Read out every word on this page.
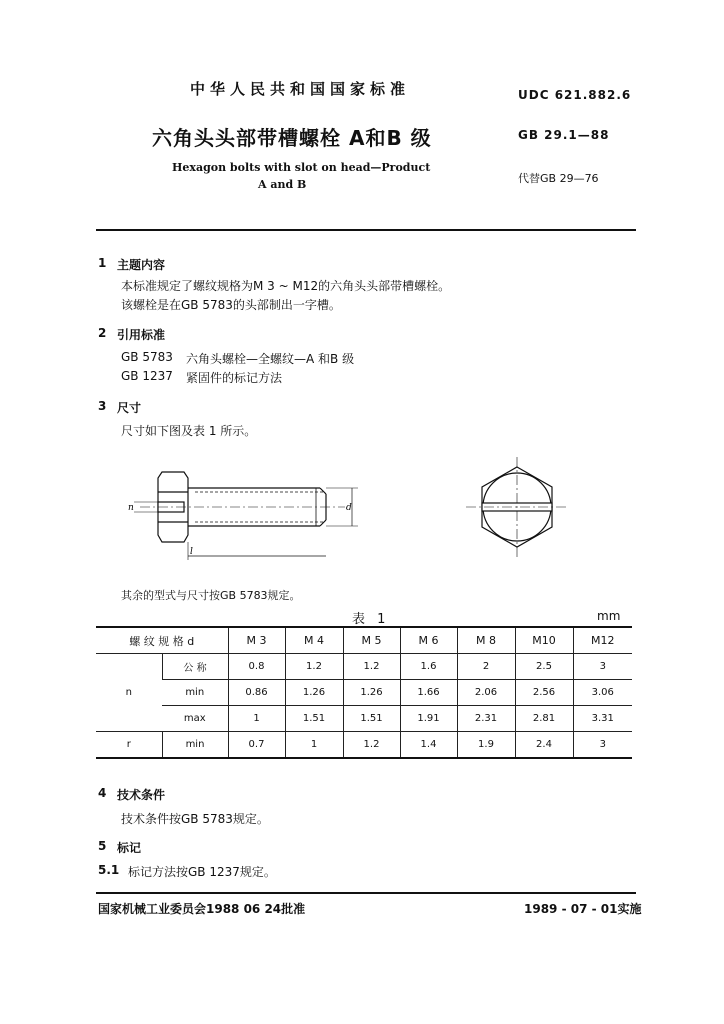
中华人民共和国国家标准	UDC 621.882.6
六角头头部带槽螺栓 A和B 级	GB 29.1—88
Hexagon bolts with slot on head—Product
A and B	代替GB 29—76
1 主题内容
本标准规定了螺纹规格为M 3 ~ M12的六角头头部带槽螺栓。
该螺栓是在GB 5783的头部制出一字槽。
2 引用标准
GB 5783 六角头螺栓—全螺纹—A 和B 级
GB 1237 紧固件的标记方法
3 尺寸
尺寸如下图及表 1 所示。
n	d
l
其余的型式与尺寸按GB 5783规定。
表 1	mm
螺 纹 规 格 d		M 3	M 4	M 5	M 6	M 8	M10	M12
n	公 称	0.8	1.2	1.2	1.6	2	2.5	3
	min	0.86	1.26	1.26	1.66	2.06	2.56	3.06
	max	1	1.51	1.51	1.91	2.31	2.81	3.31
r	min	0.7	1	1.2	1.4	1.9	2.4	3
4 技术条件
技术条件按GB 5783规定。
5 标记
5.1 标记方法按GB 1237规定。
国家机械工业委员会1988 06 24批准	1989 - 07 - 01实施
